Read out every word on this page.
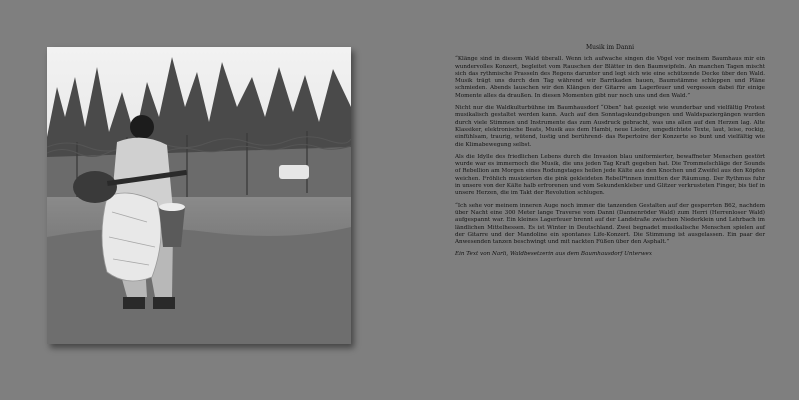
Musik im Danni

“Klänge sind in diesem Wald überall. Wenn ich aufwache singen die Vögel vor meinem Baumhaus mir ein wundervolles Konzert, begleitet vom Rauschen der Blätter in den Baumwipfeln. An manchen Tagen mischt sich das rythmische Prasseln des Regens darunter und legt sich wie eine schützende Decke über den Wald. Musik trägt uns durch den Tag während wir Barrikaden bauen, Baumstämme schleppen und Pläne schmieden. Abends lauschen wir den Klängen der Gitarre am Lagerfeuer und vergessen dabei für einige Momente alles da draußen. In diesen Momenten gibt nur noch uns und den Wald.”

Nicht nur die Waldkulturbühne im Baumhausdorf “Oben” hat gezeigt wie wunderbar und vielfältig Protest musikalisch gestaltet werden kann. Auch auf den Sonntagskundgebungen und Waldspaziergängen wurden durch viele Stimmen und Instrumente das zum Ausdruck gebracht, was uns allen auf den Herzen lag. Alte Klassiker, elektronische Beats, Musik aus dem Hambi, neue Lieder, umgedichtete Texte, laut, leise, rockig, einfühlsam, traurig, wütend, lustig und berührend- das Repertoire der Konzerte so bunt und vielfältig wie die Klimabewegung selbst.

Als die Idylle des friedlichen Lebens durch die Invasion blau uniformierter, bewaffneter Menschen gestört wurde war es immernoch die Musik, die uns jeden Tag Kraft gegeben hat. Die Trommelschläge der Sounds of Rebellion am Morgen eines Rodungstages heilen jede Kälte aus den Knochen und Zweifel aus den Köpfen weichen. Fröhlich musizierten die pink gekleideten Rebell*innen inmitten der Räumung. Der Rythmus fuhr in unsere von der Kälte halb erfrorenen und vom Sekundenkleber und Glitzer verkrusteten Finger, bis tief in unsere Herzen, die im Takt der Revolution schlugen.

“Ich sehe vor meinem inneren Auge noch immer die tanzenden Gestalten auf der gesperrten B62, nachdem über Nacht eine 300 Meter lange Traverse vom Danni (Dannenröder Wald) zum Herri (Herrenloser Wald) aufgespannt war. Ein kleines Lagerfeuer brennt auf der Landstraße zwischen Niederklein und Lehrbach im ländlichen Mittelhessen. Es ist Winter in Deutschland. Zwei begnadet musikalische Menschen spielen auf der Gitarre und der Mandoline ein spontanes Life-Konzert. Die Stimmung ist ausgelassen. Ein paar der Anwesenden tanzen beschwingt und mit nackten Füßen über den Asphalt.”

Ein Text von Narli, Waldbesetzerin aus dem Baumhausdorf Unterwex
